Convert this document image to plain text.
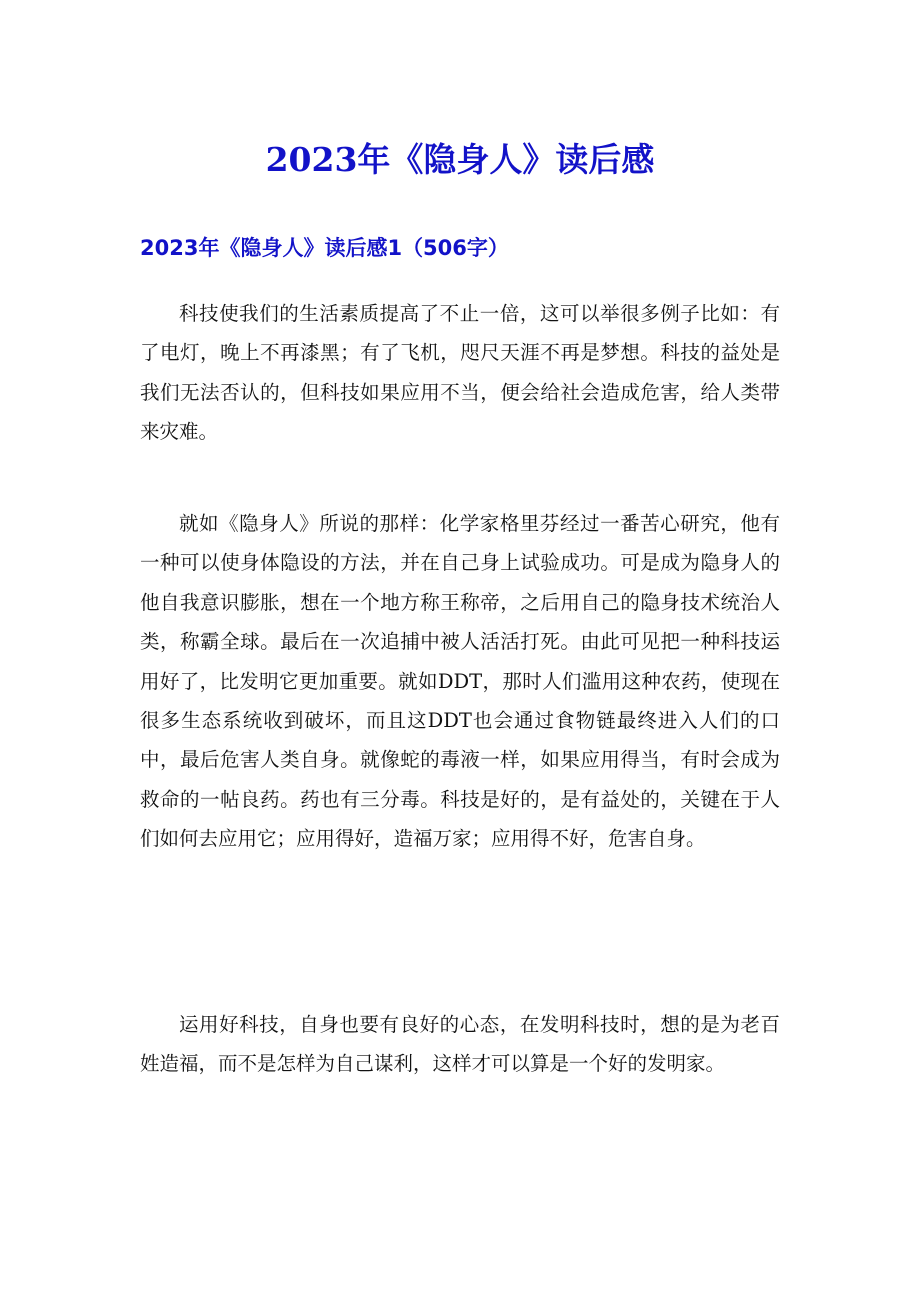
2023年《隐身人》读后感
2023年《隐身人》读后感1（506字）

科技使我们的生活素质提高了不止一倍，这可以举很多例子比如：有了电灯，晚上不再漆黑；有了飞机，咫尺天涯不再是梦想。科技的益处是我们无法否认的，但科技如果应用不当，便会给社会造成危害，给人类带来灾难。

就如《隐身人》所说的那样：化学家格里芬经过一番苦心研究，他有一种可以使身体隐设的方法，并在自己身上试验成功。可是成为隐身人的他自我意识膨胀，想在一个地方称王称帝，之后用自己的隐身技术统治人类，称霸全球。最后在一次追捕中被人活活打死。由此可见把一种科技运用好了，比发明它更加重要。就如DDT，那时人们滥用这种农药，使现在很多生态系统收到破坏，而且这DDT也会通过食物链最终进入人们的口中，最后危害人类自身。就像蛇的毒液一样，如果应用得当，有时会成为救命的一帖良药。药也有三分毒。科技是好的，是有益处的，关键在于人们如何去应用它；应用得好，造福万家；应用得不好，危害自身。

运用好科技，自身也要有良好的心态，在发明科技时，想的是为老百姓造福，而不是怎样为自己谋利，这样才可以算是一个好的发明家。
